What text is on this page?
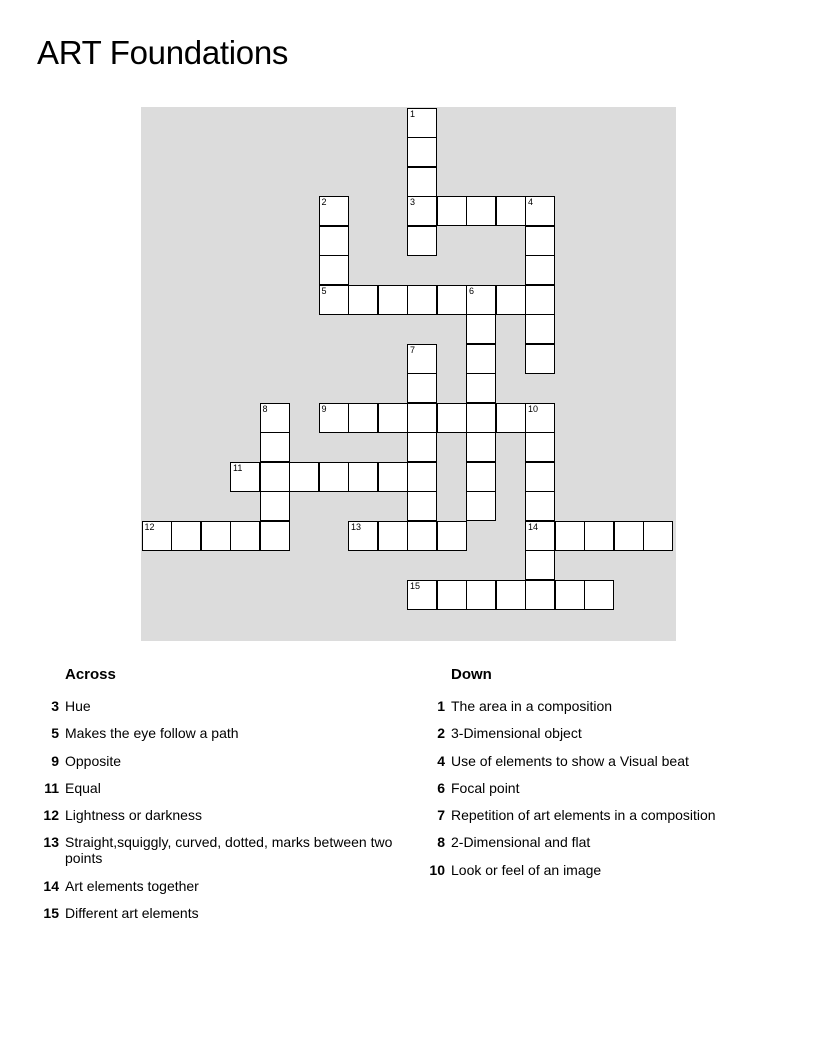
ART Foundations
1
2	3	4
5	6
7
8	9	10
11
12	13	14
15
Across	Down
3 Hue
5 Makes the eye follow a path
9 Opposite
11 Equal
12 Lightness or darkness
13 Straight,squiggly, curved, dotted, marks between two points
14 Art elements together
15 Different art elements
1 The area in a composition
2 3-Dimensional object
4 Use of elements to show a Visual beat
6 Focal point
7 Repetition of art elements in a composition
8 2-Dimensional and flat
10 Look or feel of an image
